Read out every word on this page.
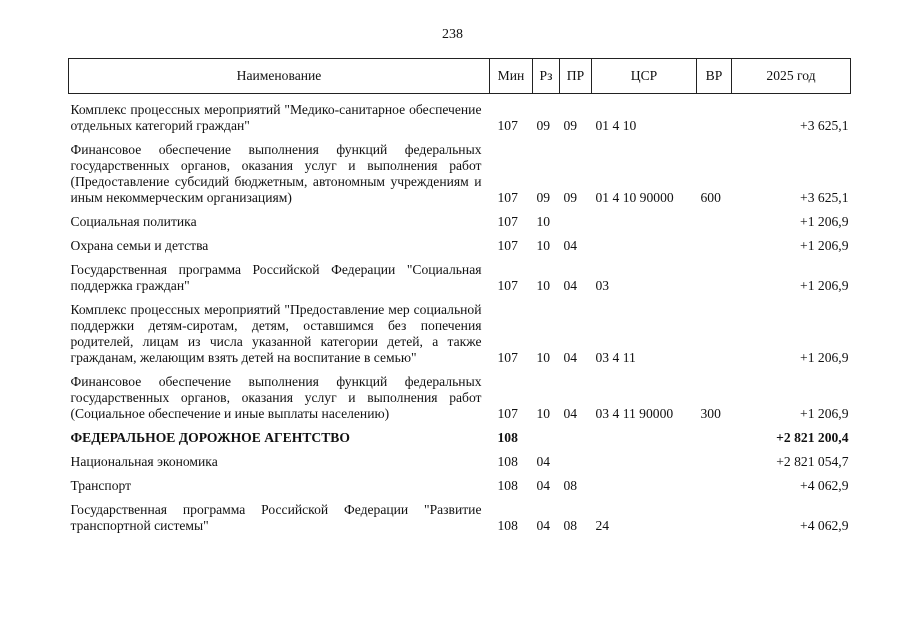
238
Наименование	Мин	Рз	ПР	ЦСР	ВР	2025 год
Комплекс процессных мероприятий "Медико-санитарное обеспечение отдельных категорий граждан"	107	09	09	01 4 10		+3 625,1
Финансовое обеспечение выполнения функций федеральных государственных органов, оказания услуг и выполнения работ (Предоставление субсидий бюджетным, автономным учреждениям и иным некоммерческим организациям)	107	09	09	01 4 10 90000	600	+3 625,1
Социальная политика	107	10				+1 206,9
Охрана семьи и детства	107	10	04			+1 206,9
Государственная программа Российской Федерации "Социальная поддержка граждан"	107	10	04	03		+1 206,9
Комплекс процессных мероприятий "Предоставление мер социальной поддержки детям-сиротам, детям, оставшимся без попечения родителей, лицам из числа указанной категории детей, а также гражданам, желающим взять детей на воспитание в семью"	107	10	04	03 4 11		+1 206,9
Финансовое обеспечение выполнения функций федеральных государственных органов, оказания услуг и выполнения работ (Социальное обеспечение и иные выплаты населению)	107	10	04	03 4 11 90000	300	+1 206,9
ФЕДЕРАЛЬНОЕ ДОРОЖНОЕ АГЕНТСТВО	108					+2 821 200,4
Национальная экономика	108	04				+2 821 054,7
Транспорт	108	04	08			+4 062,9
Государственная программа Российской Федерации "Развитие транспортной системы"	108	04	08	24		+4 062,9
